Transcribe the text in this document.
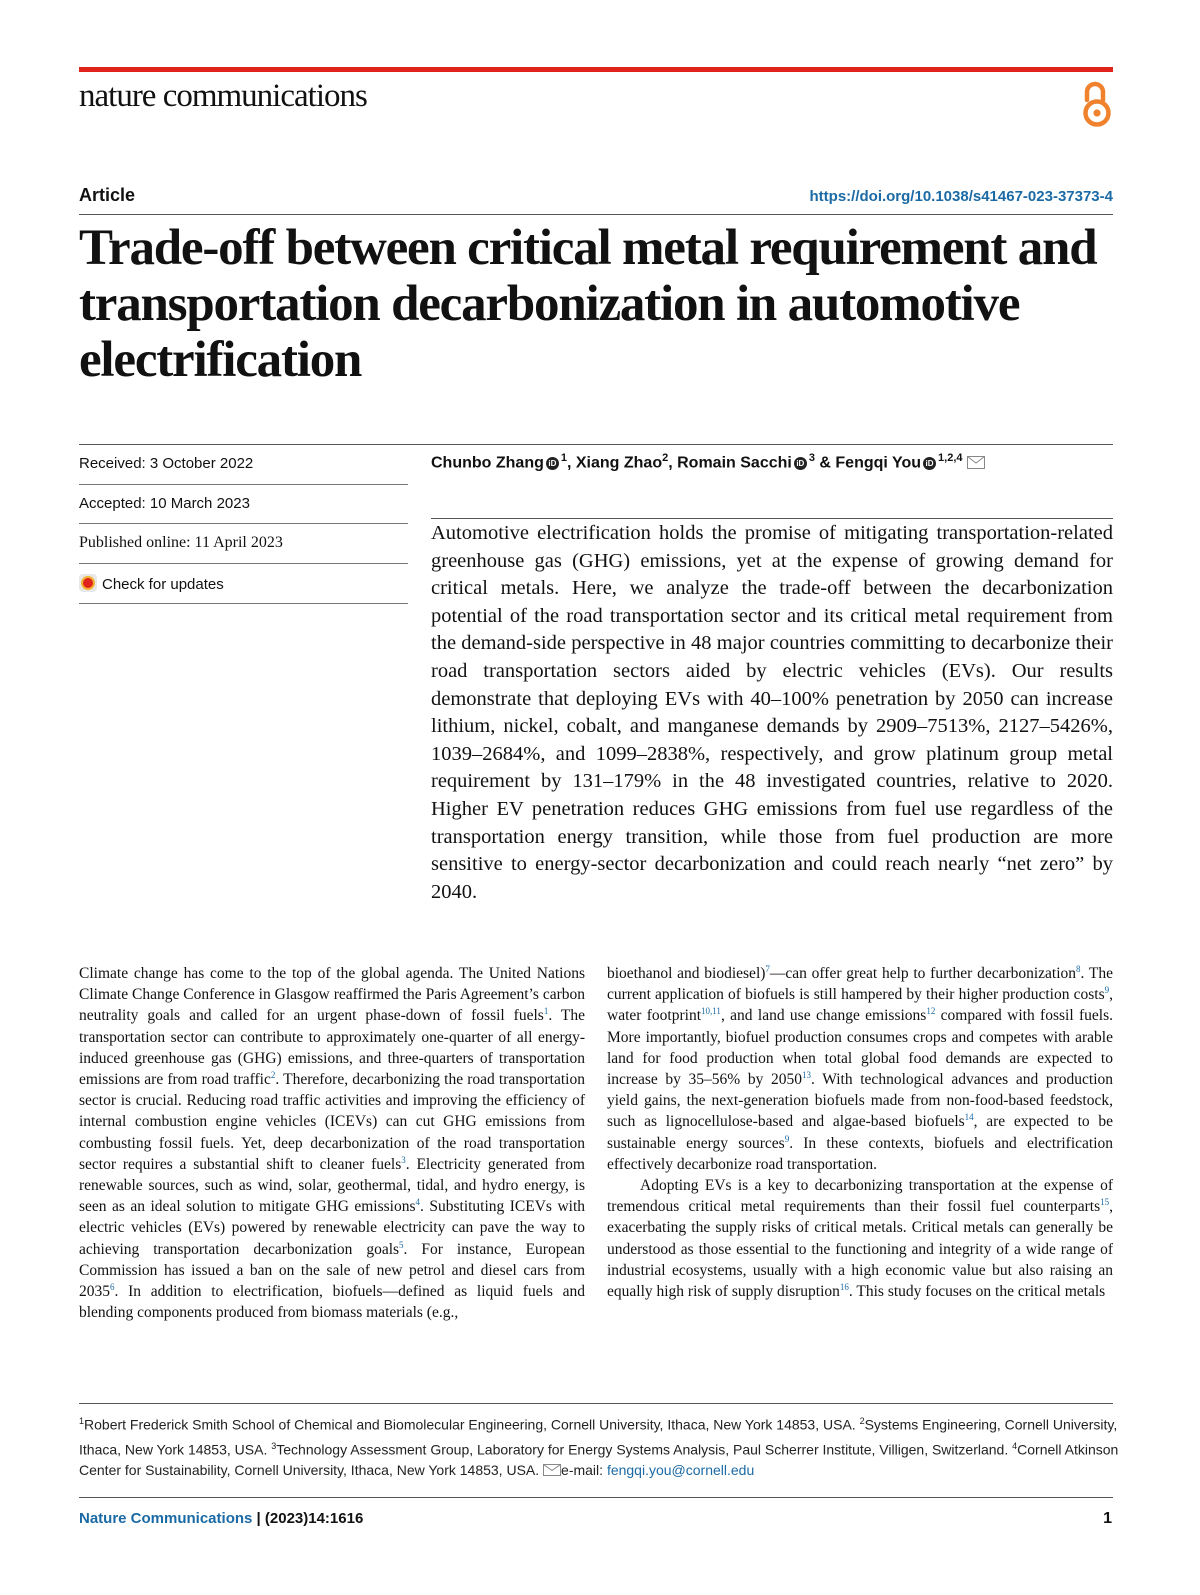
nature communications
Article	https://doi.org/10.1038/s41467-023-37373-4
Trade-off between critical metal requirement and transportation decarbonization in automotive electrification
Received: 3 October 2022
Accepted: 10 March 2023
Published online: 11 April 2023
Check for updates
Chunbo Zhang iD $^1$, Xiang Zhao$^2$, Romain Sacchi iD $^3$ & Fengqi You iD $^{1,2,4}$

Automotive electrification holds the promise of mitigating transportation-related greenhouse gas (GHG) emissions, yet at the expense of growing demand for critical metals. Here, we analyze the trade-off between the decarbonization potential of the road transportation sector and its critical metal requirement from the demand-side perspective in 48 major countries committing to decarbonize their road transportation sectors aided by electric vehicles (EVs). Our results demonstrate that deploying EVs with 40–100% penetration by 2050 can increase lithium, nickel, cobalt, and manganese demands by 2909–7513%, 2127–5426%, 1039–2684%, and 1099–2838%, respectively, and grow platinum group metal requirement by 131–179% in the 48 investigated countries, relative to 2020. Higher EV penetration reduces GHG emissions from fuel use regardless of the transportation energy transition, while those from fuel production are more sensitive to energy-sector decarbonization and could reach nearly “net zero” by 2040.

Climate change has come to the top of the global agenda. The United Nations Climate Change Conference in Glasgow reaffirmed the Paris Agreement’s carbon neutrality goals and called for an urgent phase-down of fossil fuels$^1$. The transportation sector can contribute to approximately one-quarter of all energy-induced greenhouse gas (GHG) emissions, and three-quarters of transportation emissions are from road traffic$^2$. Therefore, decarbonizing the road transportation sector is crucial. Reducing road traffic activities and improving the efficiency of internal combustion engine vehicles (ICEVs) can cut GHG emissions from combusting fossil fuels. Yet, deep decarbonization of the road transportation sector requires a substantial shift to cleaner fuels$^3$. Electricity generated from renewable sources, such as wind, solar, geothermal, tidal, and hydro energy, is seen as an ideal solution to mitigate GHG emissions$^4$. Substituting ICEVs with electric vehicles (EVs) powered by renewable electricity can pave the way to achieving transportation decarbonization goals$^5$. For instance, European Commission has issued a ban on the sale of new petrol and diesel cars from 2035$^6$. In addition to electrification, biofuels—defined as liquid fuels and blending components produced from biomass materials (e.g.,

bioethanol and biodiesel)$^7$—can offer great help to further decarbonization$^8$. The current application of biofuels is still hampered by their higher production costs$^9$, water footprint$^{10,11}$, and land use change emissions$^{12}$ compared with fossil fuels. More importantly, biofuel production consumes crops and competes with arable land for food production when total global food demands are expected to increase by 35–56% by 2050$^{13}$. With technological advances and production yield gains, the next-generation biofuels made from non-food-based feedstock, such as lignocellulose-based and algae-based biofuels$^{14}$, are expected to be sustainable energy sources$^9$. In these contexts, biofuels and electrification effectively decarbonize road transportation.

Adopting EVs is a key to decarbonizing transportation at the expense of tremendous critical metal requirements than their fossil fuel counterparts$^{15}$, exacerbating the supply risks of critical metals. Critical metals can generally be understood as those essential to the functioning and integrity of a wide range of industrial ecosystems, usually with a high economic value but also raising an equally high risk of supply disruption$^{16}$. This study focuses on the critical metals

$^1$Robert Frederick Smith School of Chemical and Biomolecular Engineering, Cornell University, Ithaca, New York 14853, USA. $^2$Systems Engineering, Cornell University, Ithaca, New York 14853, USA. $^3$Technology Assessment Group, Laboratory for Energy Systems Analysis, Paul Scherrer Institute, Villigen, Switzerland. $^4$Cornell Atkinson Center for Sustainability, Cornell University, Ithaca, New York 14853, USA. e-mail: fengqi.you@cornell.edu

Nature Communications | (2023)14:1616	1
